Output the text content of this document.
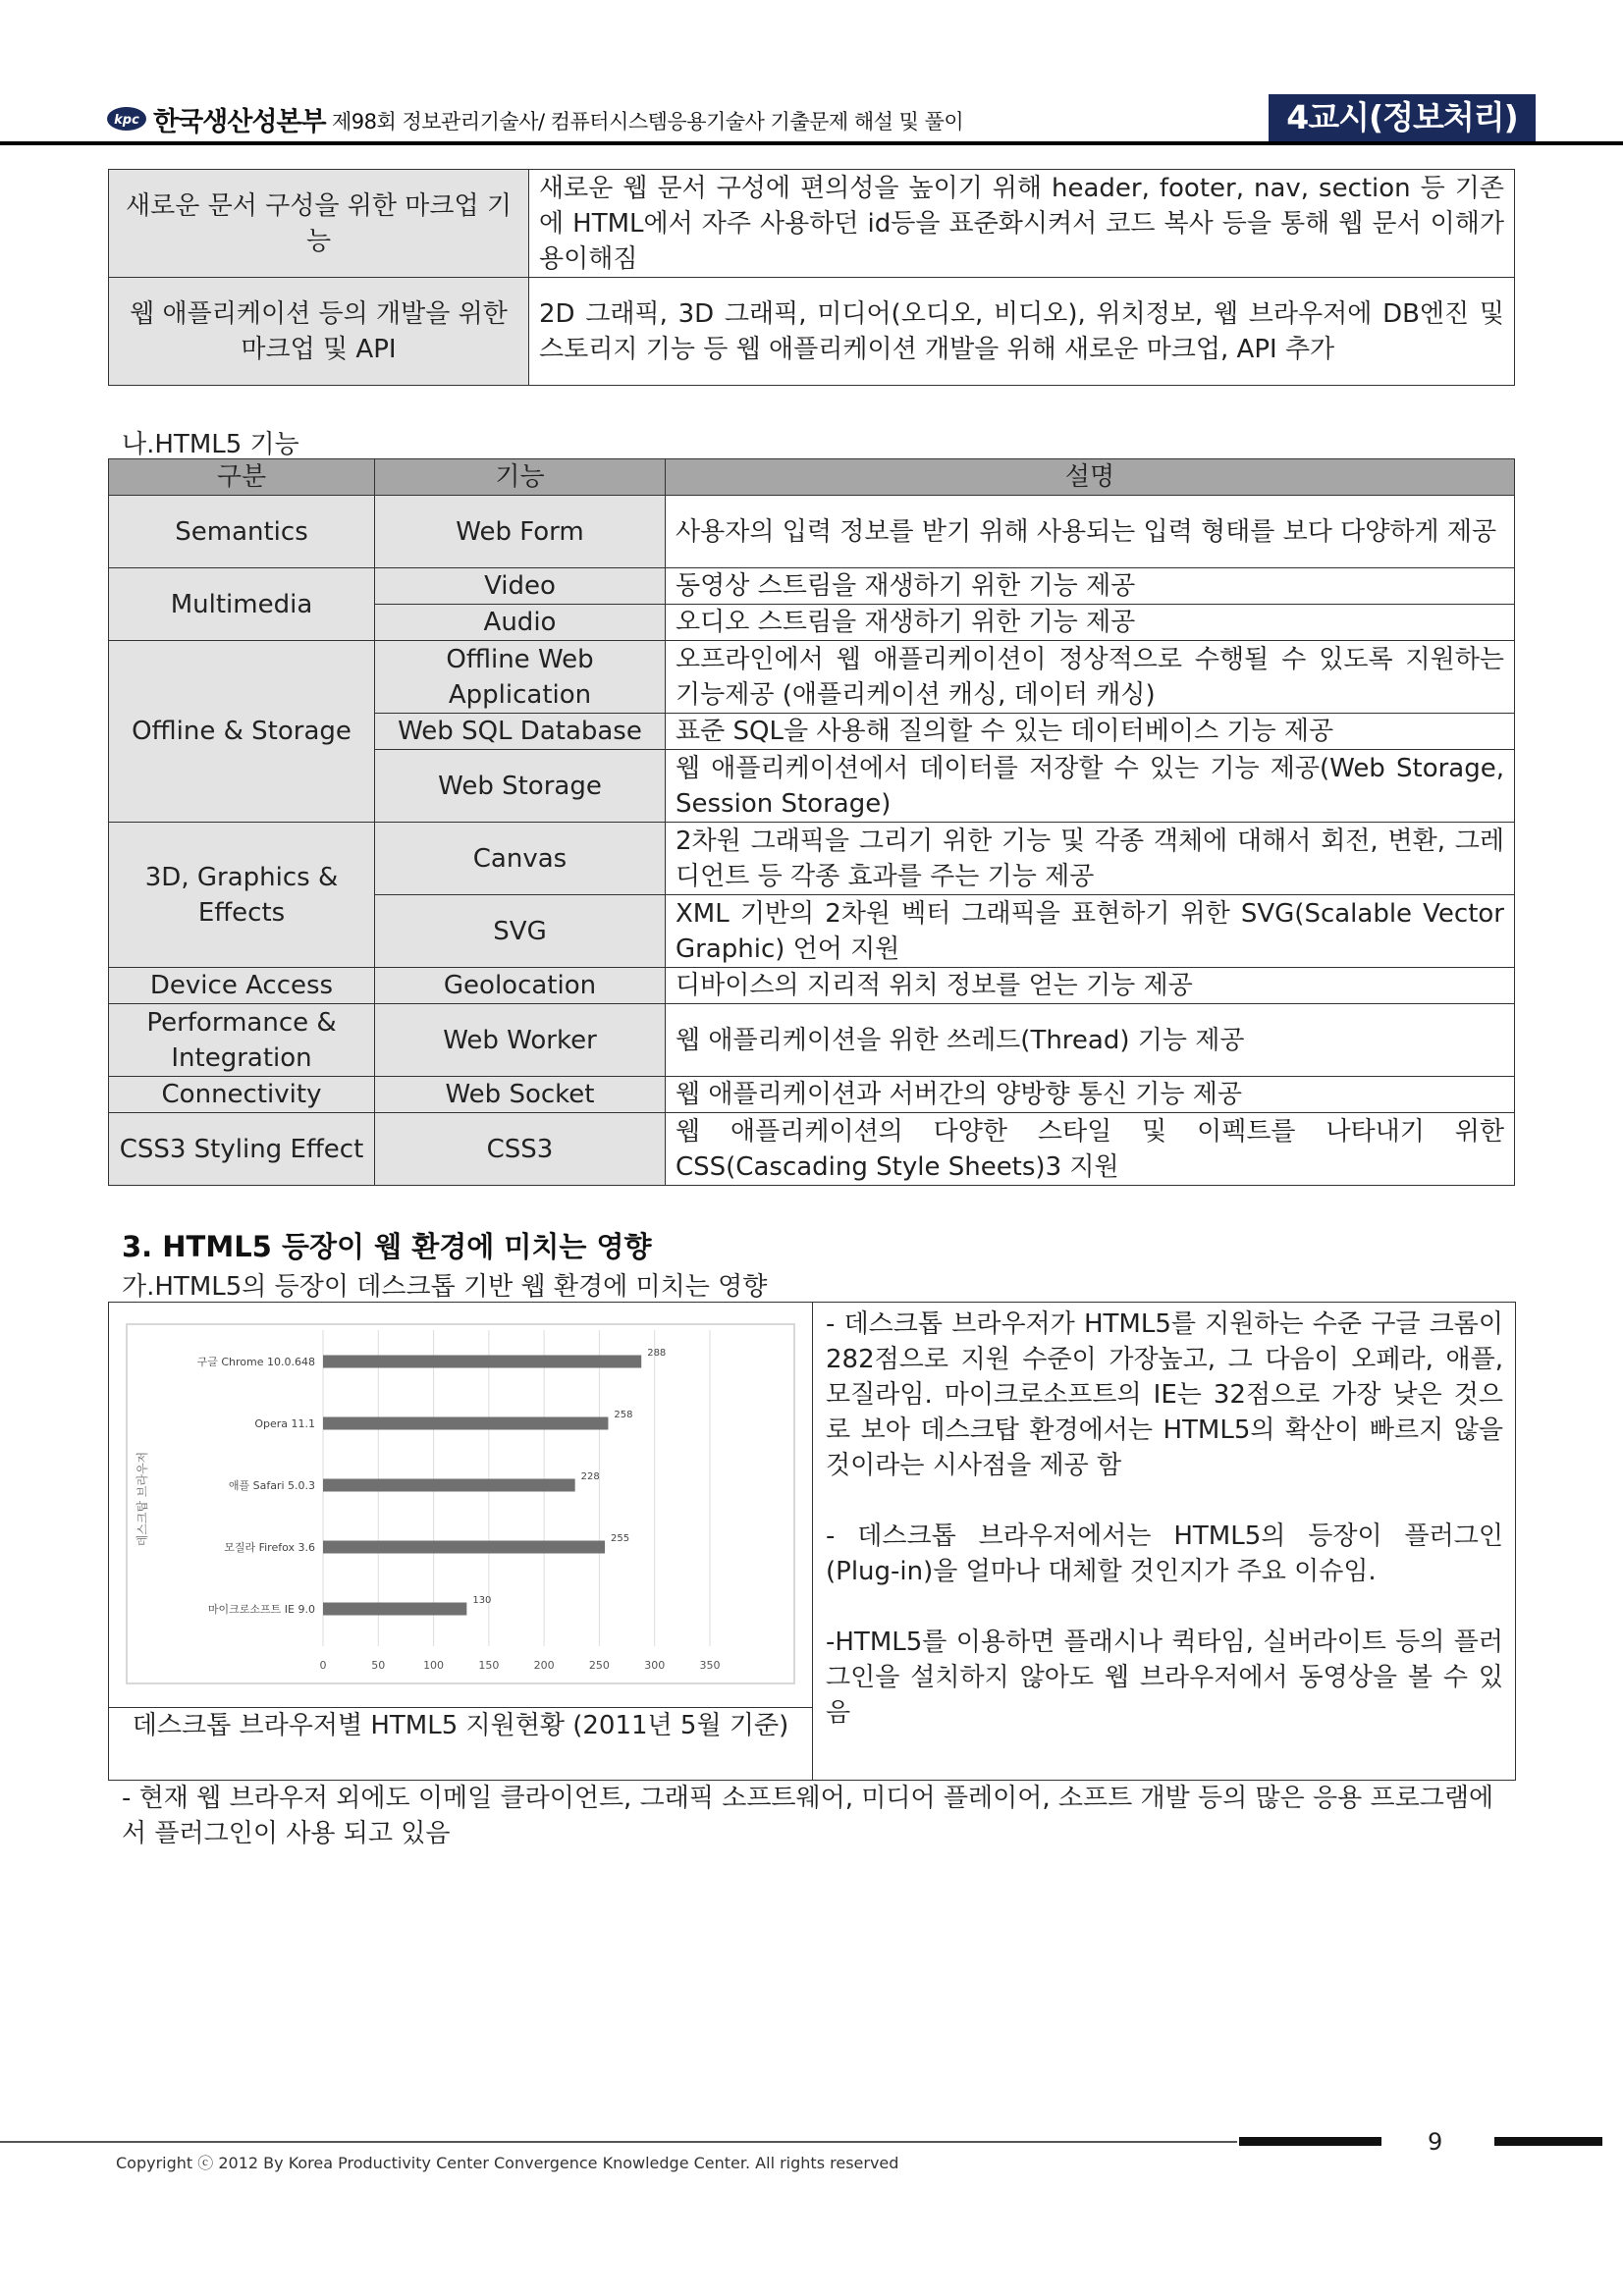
kpc 한국생산성본부 제98회 정보관리기술사/ 컴퓨터시스템응용기술사 기출문제 해설 및 풀이	4교시(정보처리)
새로운 문서 구성을 위한 마크업 기능	새로운 웹 문서 구성에 편의성을 높이기 위해 header, footer, nav, section 등 기존에 HTML에서 자주 사용하던 id등을 표준화시켜서 코드 복사 등을 통해 웹 문서 이해가 용이해짐
웹 애플리케이션 등의 개발을 위한 마크업 및 API	2D 그래픽, 3D 그래픽, 미디어(오디오, 비디오), 위치정보, 웹 브라우저에 DB엔진 및 스토리지 기능 등 웹 애플리케이션 개발을 위해 새로운 마크업, API 추가
나.HTML5 기능
구분	기능	설명
Semantics	Web Form	사용자의 입력 정보를 받기 위해 사용되는 입력 형태를 보다 다양하게 제공
Multimedia	Video	동영상 스트림을 재생하기 위한 기능 제공
	Audio	오디오 스트림을 재생하기 위한 기능 제공
Offline & Storage	Offline Web Application	오프라인에서 웹 애플리케이션이 정상적으로 수행될 수 있도록 지원하는 기능제공 (애플리케이션 캐싱, 데이터 캐싱)
	Web SQL Database	표준 SQL을 사용해 질의할 수 있는 데이터베이스 기능 제공
	Web Storage	웹 애플리케이션에서 데이터를 저장할 수 있는 기능 제공(Web Storage, Session Storage)
3D, Graphics & Effects	Canvas	2차원 그래픽을 그리기 위한 기능 및 각종 객체에 대해서 회전, 변환, 그레디언트 등 각종 효과를 주는 기능 제공
	SVG	XML 기반의 2차원 벡터 그래픽을 표현하기 위한 SVG(Scalable Vector Graphic) 언어 지원
Device Access	Geolocation	디바이스의 지리적 위치 정보를 얻는 기능 제공
Performance & Integration	Web Worker	웹 애플리케이션을 위한 쓰레드(Thread) 기능 제공
Connectivity	Web Socket	웹 애플리케이션과 서버간의 양방향 통신 기능 제공
CSS3 Styling Effect	CSS3	웹 애플리케이션의 다양한 스타일 및 이펙트를 나타내기 위한 CSS(Cascading Style Sheets)3 지원
3. HTML5 등장이 웹 환경에 미치는 영향
가.HTML5의 등장이 데스크톱 기반 웹 환경에 미치는 영향
데스크탑 브라우저
구글 Chrome 10.0.648
288
Opera 11.1
258
애플 Safari 5.0.3
228
모질라 Firefox 3.6
255
마이크로소프트 IE 9.0
130
0	50	100	150	200	250	300	350
데스크톱 브라우저별 HTML5 지원현황 (2011년 5월 기준)

- 데스크톱 브라우저가 HTML5를 지원하는 수준 구글 크롬이 282점으로 지원 수준이 가장높고, 그 다음이 오페라, 애플, 모질라임. 마이크로소프트의 IE는 32점으로 가장 낮은 것으로 보아 데스크탑 환경에서는 HTML5의 확산이 빠르지 않을 것이라는 시사점을 제공 함

- 데스크톱 브라우저에서는 HTML5의 등장이 플러그인(Plug-in)을 얼마나 대체할 것인지가 주요 이슈임.

-HTML5를 이용하면 플래시나 퀵타임, 실버라이트 등의 플러그인을 설치하지 않아도 웹 브라우저에서 동영상을 볼 수 있음

- 현재 웹 브라우저 외에도 이메일 클라이언트, 그래픽 소프트웨어, 미디어 플레이어, 소프트 개발 등의 많은 응용 프로그램에서 플러그인이 사용 되고 있음
9
Copyright ⓒ 2012 By Korea Productivity Center Convergence Knowledge Center. All rights reserved
